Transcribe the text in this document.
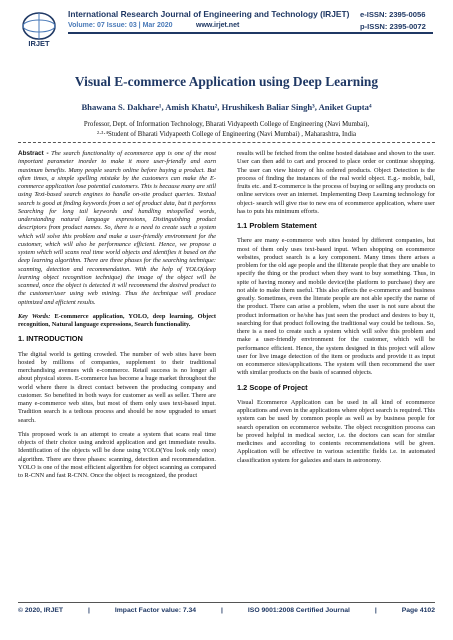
IRJET
International Research Journal of Engineering and Technology (IRJET) e-ISSN: 2395-0056
Volume: 07 Issue: 03 | Mar 2020	www.irjet.net	p-ISSN: 2395-0072
Visual E-commerce Application using Deep Learning
Bhawana S. Dakhare¹, Amish Khatu², Hrushikesh Baliar Singh³, Aniket Gupta⁴
Professor, Dept. of Information Technology, Bharati Vidyapeeth College of Engineering (Navi Mumbai),
²·³·⁴Student of Bharati Vidyapeeth College of Engineering (Navi Mumbai) , Maharashtra, India

Abstract - The search functionality of ecommerce app is one of the most important parameter inorder to make it more user-friendly and earn maximum benefits. Many people search online before buying a product. But often times, a simple spelling mistake by the customers can make the E-commerce application lose potential customers. This is because many are still using Text-based search engines to handle on-site product queries. Textual search is good at finding keywords from a set of product data, but it performs Searching for long tail keywords and handling misspelled words, understanding natural language expressions, Distinguishing product descriptors from product names. So, there is a need to create such a system which will solve this problem and make a user-friendly environment for the customer, which will also be performance efficient. Hence, we propose a system which will scans real time world objects and identifies it based on the deep learning algorithm. There are three phases for the searching technique: scanning, detection and recommendation. With the help of YOLO(deep learning object recognition technique) the image of the object will be scanned, once the object is detected it will recommend the desired product to the customer/user using web mining. Thus the technique will produce optimized and efficient results.

Key Words: E-commerce application, YOLO, deep learning, Object recognition, Natural language expressions, Search functionality.

1. INTRODUCTION

The digital world is getting crowded. The number of web sites have been hosted by millions of companies, supplement to their traditional merchandising avenues with e-commerce. Retail success is no longer all about physical stores. E-commerce has become a huge market throughout the world where there is direct contact between the producing company and customer. So benefited in both ways for customer as well as seller. There are many e-commerce web sites, but most of them only uses text-based input. Tradition search is a tedious process and should be now upgraded to smart search.

This proposed work is an attempt to create a system that scans real time objects of their choice using android application and get immediate results. Identification of the objects will be done using YOLO(You look only once) algorithm. There are three phases: scanning, detection and recommendation. YOLO is one of the most efficient algorithm for object scanning as compared to R-CNN and fast R-CNN. Once the object is recognized, the product

results will be fetched from the online hosted database and shown to the user. User can then add to cart and proceed to place order or continue shopping. The user can view history of his ordered products. Object Detection is the process of finding the instances of the real world object. E.g.- mobile, ball, fruits etc. and E-commerce is the process of buying or selling any products on online services over an internet. Implementing Deep Learning technology for object- search will give rise to new era of ecommerce application, where user has to puts his minimum efforts.

1.1 Problem Statement

There are many e-commerce web sites hosted by different companies, but most of them only uses text-based input. When shopping on ecommerce websites, product search is a key component. Many times there arises a problem for the old age people and the illiterate people that they are unable to specify the thing or the product when they want to buy something. Thus, in spite of having money and mobile device(the platform to purchase) they are not able to make them useful. This also affects the e-commerce and business greatly. Sometimes, even the literate people are not able specify the name of the product. There can arise a problem, when the user is not sure about the product information or he/she has just seen the product and desires to buy it, searching for that product following the traditional way could be tedious. So, there is a need to create such a system which will solve this problem and make a user-friendly environment for the customer, which will be performance efficient. Hence, the system designed in this project will allow user for live image detection of the item or products and provide it as input on ecommerce sites/applications. The system will then recommend the user with similar products on the basis of scanned objects.

1.2 Scope of Project

Visual Ecommerce Application can be used in all kind of ecommerce applications and even in the applications where object search is required. This system can be used by common people as well as by business people for search operation on ecommerce website. The object recognition process can be proved helpful in medical sector, i.e. the doctors can scan for similar medicines and according to contents recommendations will be given. Application will be effective in various scientific fields i.e. in automated classification system for galaxies and stars in astronomy.

© 2020, IRJET	|	Impact Factor value: 7.34	|	ISO 9001:2008 Certified Journal	|	Page 4102
